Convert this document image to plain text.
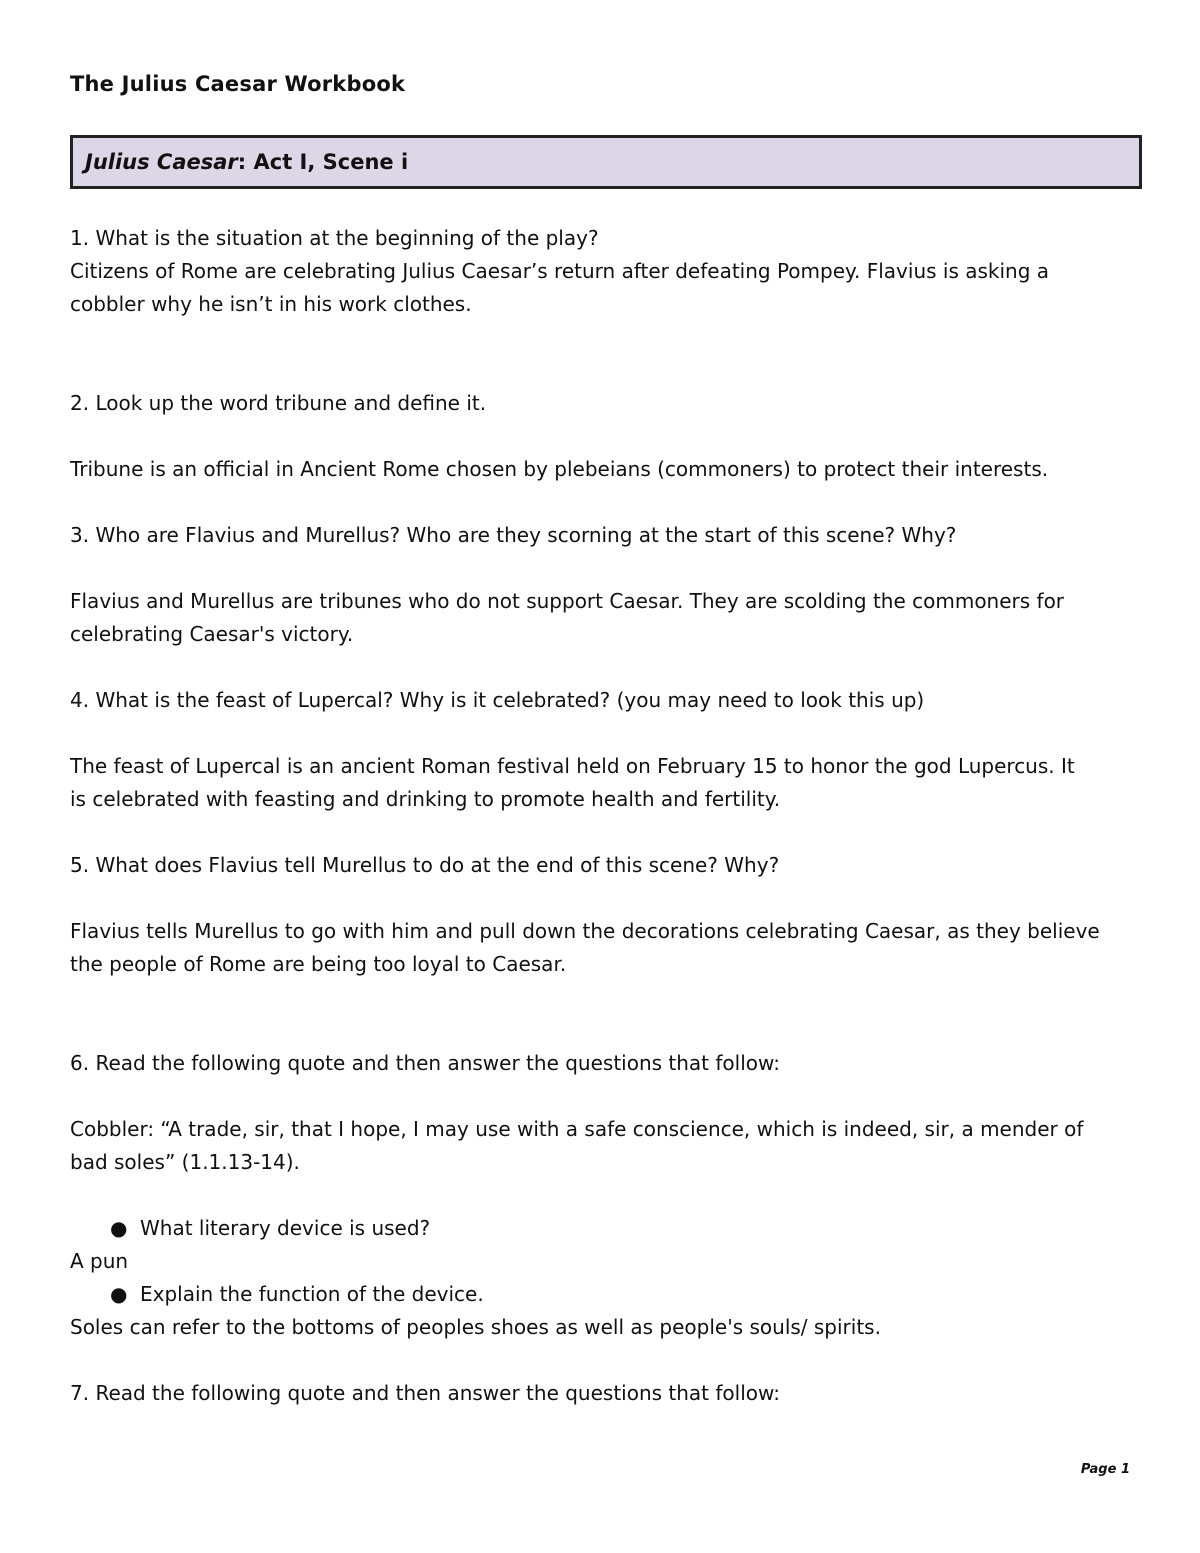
The Julius Caesar Workbook
Julius Caesar : Act I, Scene i

1. What is the situation at the beginning of the play?

Citizens of Rome are celebrating Julius Caesar’s return after defeating Pompey. Flavius is asking a

cobbler why he isn’t in his work clothes.

2. Look up the word tribune and define it.

Tribune is an official in Ancient Rome chosen by plebeians (commoners) to protect their interests.

3. Who are Flavius and Murellus? Who are they scorning at the start of this scene? Why?

Flavius and Murellus are tribunes who do not support Caesar. They are scolding the commoners for

celebrating Caesar's victory.

4. What is the feast of Lupercal? Why is it celebrated? (you may need to look this up)

The feast of Lupercal is an ancient Roman festival held on February 15 to honor the god Lupercus. It

is celebrated with feasting and drinking to promote health and fertility.

5. What does Flavius tell Murellus to do at the end of this scene? Why?

Flavius tells Murellus to go with him and pull down the decorations celebrating Caesar, as they believe

the people of Rome are being too loyal to Caesar.

6. Read the following quote and then answer the questions that follow:

Cobbler: “A trade, sir, that I hope, I may use with a safe conscience, which is indeed, sir, a mender of

bad soles” (1.1.13-14).

● What literary device is used?

A pun

● Explain the function of the device.

Soles can refer to the bottoms of peoples shoes as well as people's souls/ spirits.

7. Read the following quote and then answer the questions that follow:

Page 1
